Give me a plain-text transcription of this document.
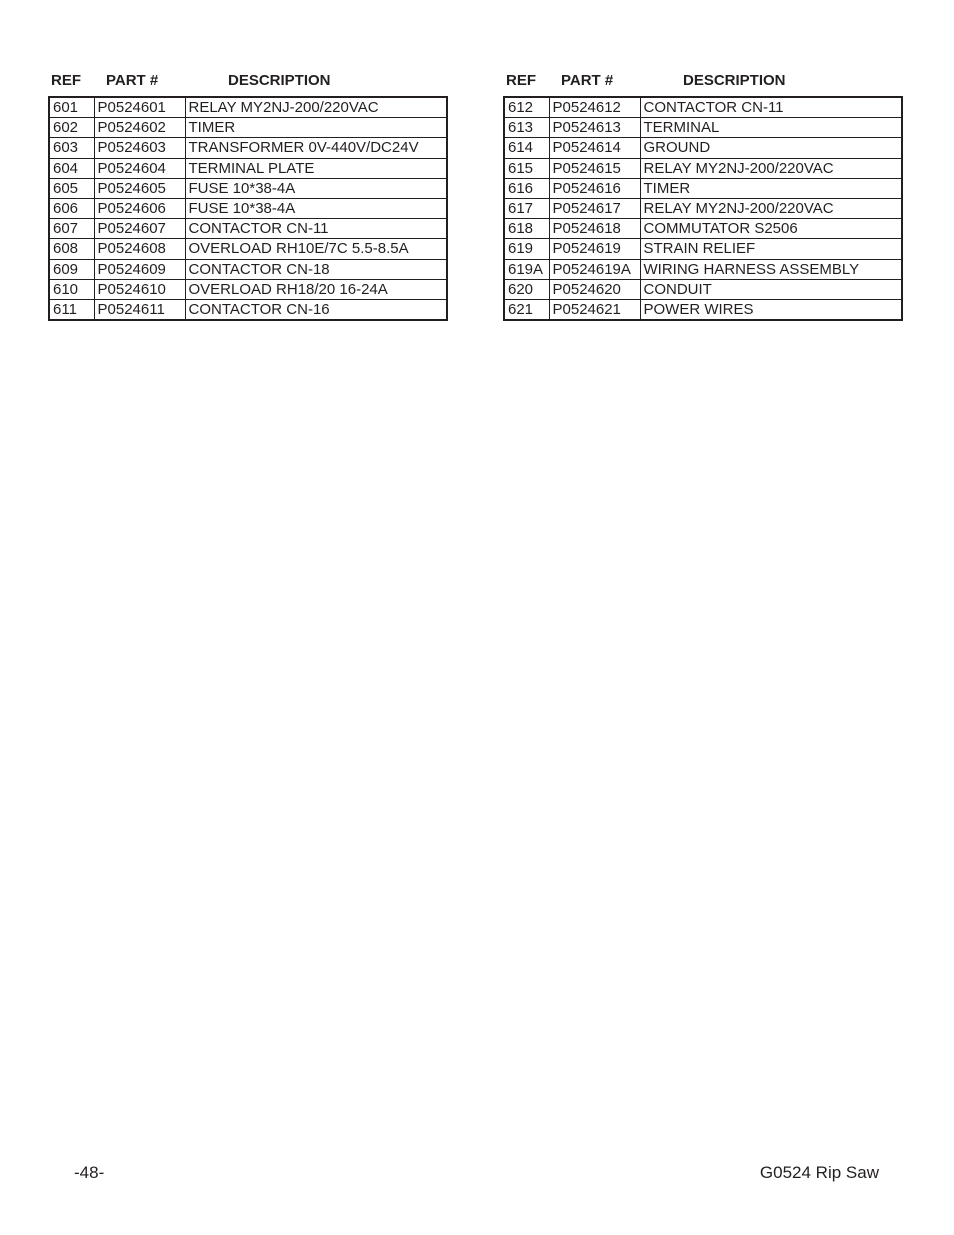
REF PART #	DESCRIPTION
601	P0524601	RELAY MY2NJ-200/220VAC
602	P0524602	TIMER
603	P0524603	TRANSFORMER 0V-440V/DC24V
604	P0524604	TERMINAL PLATE
605	P0524605	FUSE 10*38-4A
606	P0524606	FUSE 10*38-4A
607	P0524607	CONTACTOR CN-11
608	P0524608	OVERLOAD RH10E/7C 5.5-8.5A
609	P0524609	CONTACTOR CN-18
610	P0524610	OVERLOAD RH18/20 16-24A
611	P0524611	CONTACTOR CN-16
REF PART #	DESCRIPTION
612	P0524612	CONTACTOR CN-11
613	P0524613	TERMINAL
614	P0524614	GROUND
615	P0524615	RELAY MY2NJ-200/220VAC
616	P0524616	TIMER
617	P0524617	RELAY MY2NJ-200/220VAC
618	P0524618	COMMUTATOR S2506
619	P0524619	STRAIN RELIEF
619A	P0524619A	WIRING HARNESS ASSEMBLY
620	P0524620	CONDUIT
621	P0524621	POWER WIRES
-48-	G0524 Rip Saw
